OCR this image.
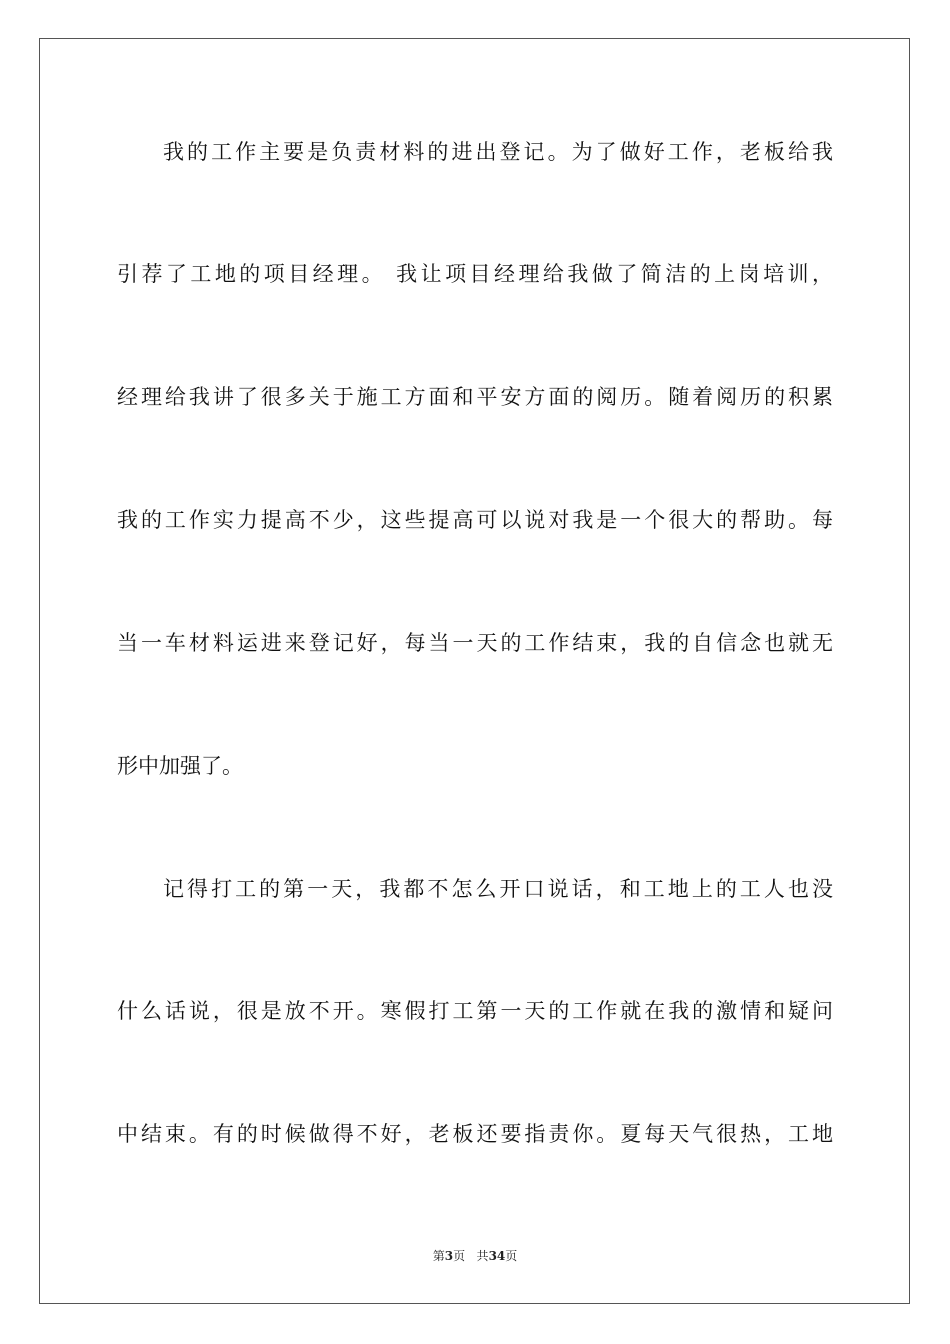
我的工作主要是负责材料的进出登记。为了做好工作，老板给我
引荐了工地的项目经理。 我让项目经理给我做了简洁的上岗培训，
经理给我讲了很多关于施工方面和平安方面的阅历。随着阅历的积累
我的工作实力提高不少，这些提高可以说对我是一个很大的帮助。每
当一车材料运进来登记好，每当一天的工作结束，我的自信念也就无
形中加强了。
记得打工的第一天，我都不怎么开口说话，和工地上的工人也没
什么话说，很是放不开。寒假打工第一天的工作就在我的激情和疑问
中结束。有的时候做得不好，老板还要指责你。夏每天气很热，工地
第3页 共34页
